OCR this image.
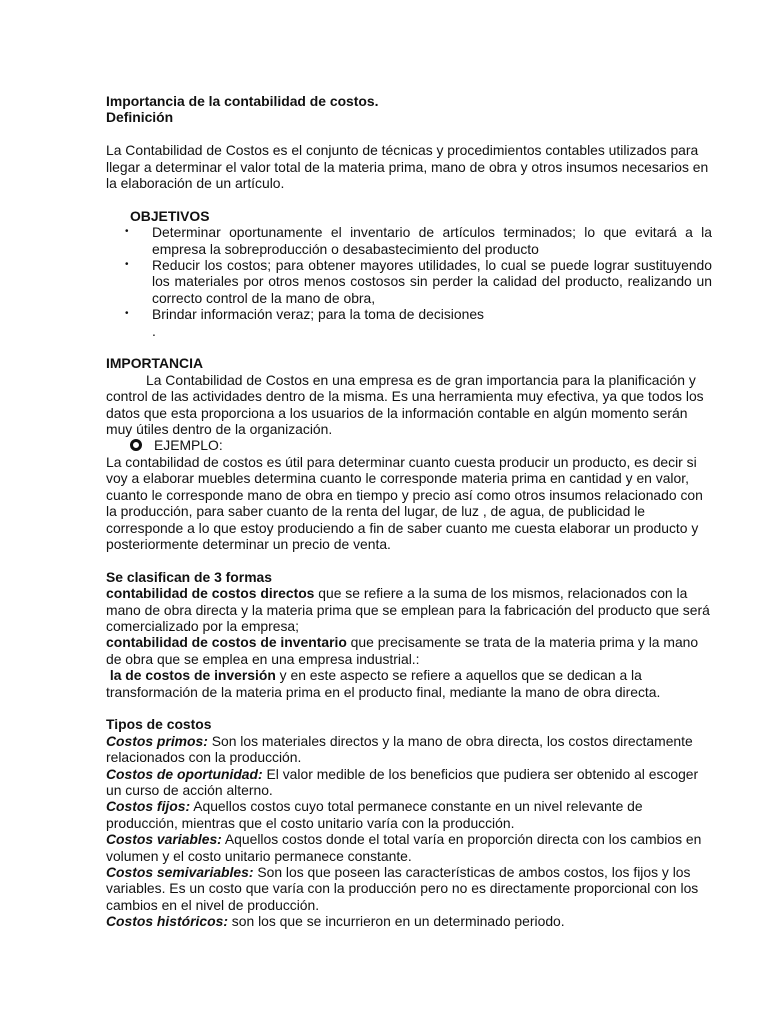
Importancia de la contabilidad de costos.

Definición

La Contabilidad de Costos es el conjunto de técnicas y procedimientos contables utilizados para llegar a determinar el valor total de la materia prima, mano de obra y otros insumos necesarios en la elaboración de un artículo.

OBJETIVOS

• Determinar oportunamente el inventario de artículos terminados; lo que evitará a la empresa la sobreproducción o desabastecimiento del producto
• Reducir los costos; para obtener mayores utilidades, lo cual se puede lograr sustituyendo los materiales por otros menos costosos sin perder la calidad del producto, realizando un correcto control de la mano de obra,
• Brindar información veraz; para la toma de decisiones

.

IMPORTANCIA

La Contabilidad de Costos en una empresa es de gran importancia para la planificación y control de las actividades dentro de la misma. Es una herramienta muy efectiva, ya que todos los datos que esta proporciona a los usuarios de la información contable en algún momento serán muy útiles dentro de la organización.

EJEMPLO:

La contabilidad de costos es útil para determinar cuanto cuesta producir un producto, es decir si voy a elaborar muebles determina cuanto le corresponde materia prima en cantidad y en valor, cuanto le corresponde mano de obra en tiempo y precio así como otros insumos relacionado con la producción, para saber cuanto de la renta del lugar, de luz , de agua, de publicidad le corresponde a lo que estoy produciendo a fin de saber cuanto me cuesta elaborar un producto y posteriormente determinar un precio de venta.

Se clasifican de 3 formas

contabilidad de costos directos que se refiere a la suma de los mismos, relacionados con la mano de obra directa y la materia prima que se emplean para la fabricación del producto que será comercializado por la empresa;

contabilidad de costos de inventario que precisamente se trata de la materia prima y la mano de obra que se emplea en una empresa industrial.:

la de costos de inversión y en este aspecto se refiere a aquellos que se dedican a la transformación de la materia prima en el producto final, mediante la mano de obra directa.

Tipos de costos

Costos primos: Son los materiales directos y la mano de obra directa, los costos directamente relacionados con la producción.

Costos de oportunidad: El valor medible de los beneficios que pudiera ser obtenido al escoger un curso de acción alterno.

Costos fijos: Aquellos costos cuyo total permanece constante en un nivel relevante de producción, mientras que el costo unitario varía con la producción.

Costos variables: Aquellos costos donde el total varía en proporción directa con los cambios en volumen y el costo unitario permanece constante.

Costos semivariables: Son los que poseen las características de ambos costos, los fijos y los variables. Es un costo que varía con la producción pero no es directamente proporcional con los cambios en el nivel de producción.

Costos históricos: son los que se incurrieron en un determinado periodo.
